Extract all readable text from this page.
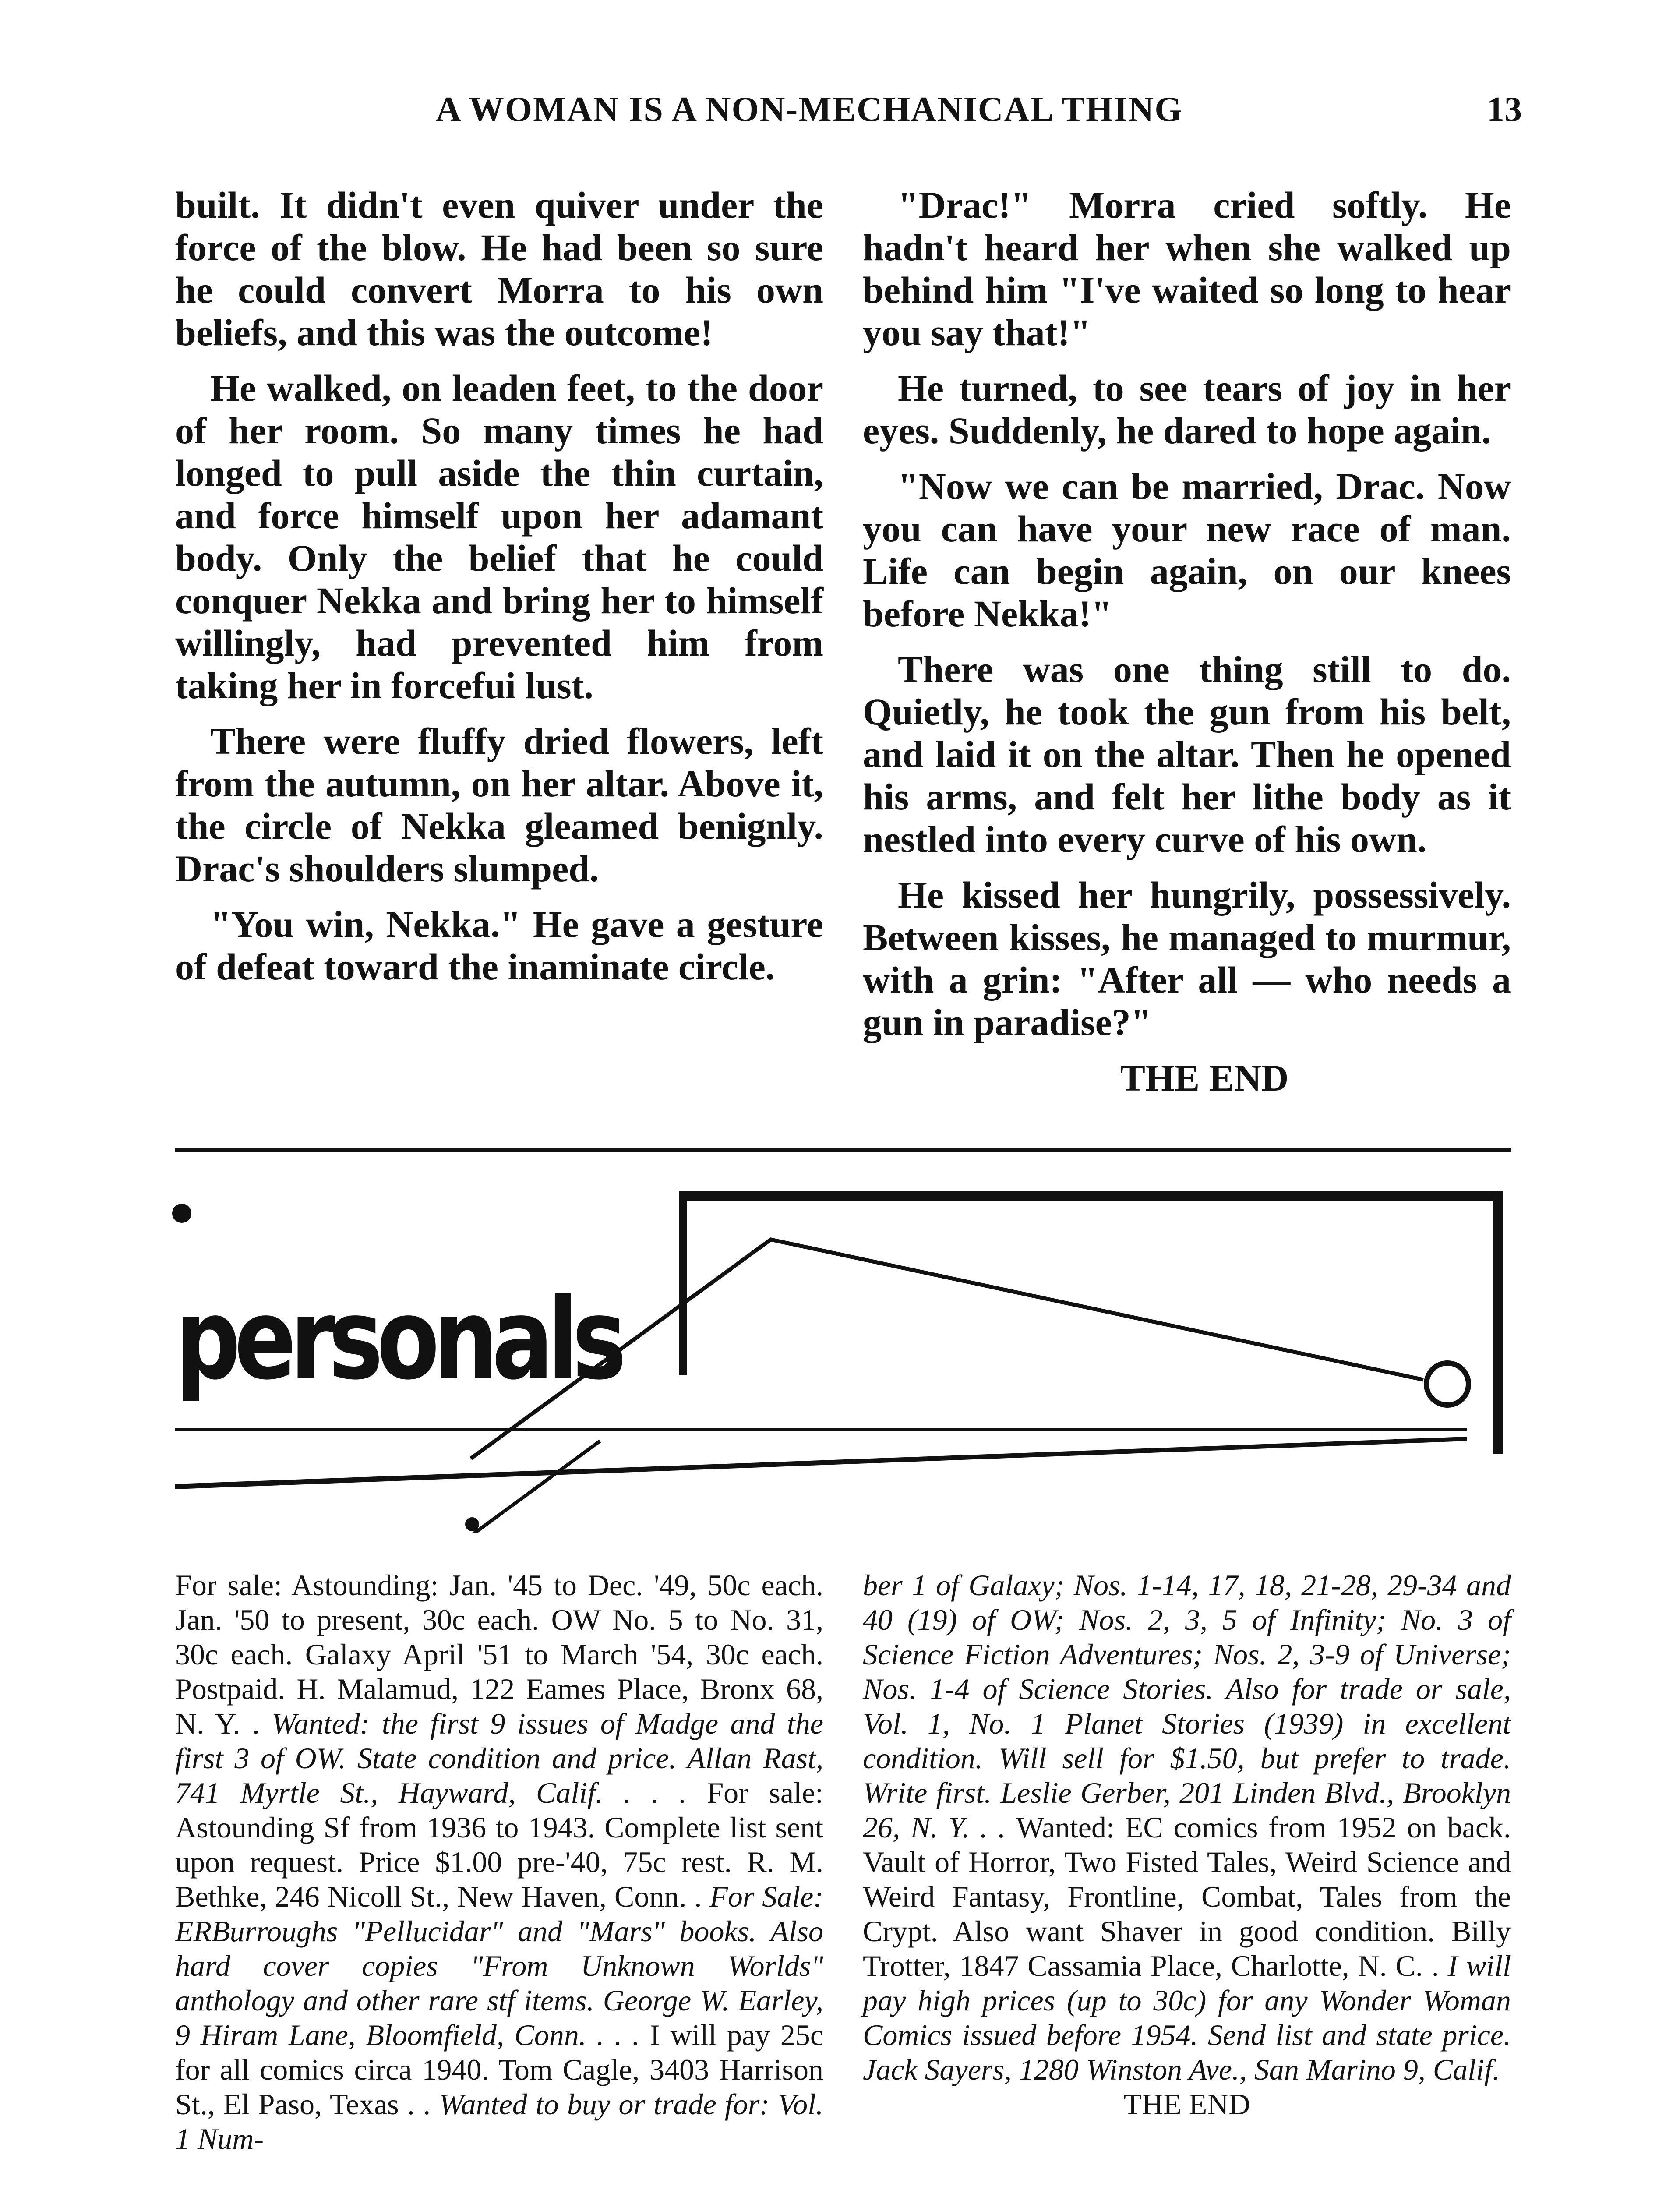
A WOMAN IS A NON-MECHANICAL THING	13

built. It didn't even quiver under the force of the blow. He had been so sure he could convert Morra to his own beliefs, and this was the outcome!

He walked, on leaden feet, to the door of her room. So many times he had longed to pull aside the thin curtain, and force himself upon her adamant body. Only the belief that he could conquer Nekka and bring her to himself willingly, had prevented him from taking her in forcefui lust.

There were fluffy dried flowers, left from the autumn, on her altar. Above it, the circle of Nekka gleamed benignly. Drac's shoulders slumped.

"You win, Nekka." He gave a gesture of defeat toward the inaminate circle.

"Drac!" Morra cried softly. He hadn't heard her when she walked up behind him "I've waited so long to hear you say that!"

He turned, to see tears of joy in her eyes. Suddenly, he dared to hope again.

"Now we can be married, Drac. Now you can have your new race of man. Life can begin again, on our knees before Nekka!"

There was one thing still to do. Quietly, he took the gun from his belt, and laid it on the altar. Then he opened his arms, and felt her lithe body as it nestled into every curve of his own.

He kissed her hungrily, possessively. Between kisses, he managed to murmur, with a grin: "After all — who needs a gun in paradise?"

THE END

personals

For sale: Astounding: Jan. '45 to Dec. '49, 50c each. Jan. '50 to present, 30c each. OW No. 5 to No. 31, 30c each. Galaxy April '51 to March '54, 30c each. Postpaid. H. Malamud, 122 Eames Place, Bronx 68, N. Y. . Wanted: the first 9 issues of Madge and the first 3 of OW. State condition and price. Allan Rast, 741 Myrtle St., Hayward, Calif. . . . For sale: Astounding Sf from 1936 to 1943. Complete list sent upon request. Price $1.00 pre-'40, 75c rest. R. M. Bethke, 246 Nicoll St., New Haven, Conn. . For Sale: ERBurroughs "Pellucidar" and "Mars" books. Also hard cover copies "From Unknown Worlds" anthology and other rare stf items. George W. Earley, 9 Hiram Lane, Bloomfield, Conn. . . . I will pay 25c for all comics circa 1940. Tom Cagle, 3403 Harrison St., El Paso, Texas . . Wanted to buy or trade for: Vol. 1 Num-

ber 1 of Galaxy; Nos. 1-14, 17, 18, 21-28, 29-34 and 40 (19) of OW; Nos. 2, 3, 5 of Infinity; No. 3 of Science Fiction Adventures; Nos. 2, 3-9 of Universe; Nos. 1-4 of Science Stories. Also for trade or sale, Vol. 1, No. 1 Planet Stories (1939) in excellent condition. Will sell for $1.50, but prefer to trade. Write first. Leslie Gerber, 201 Linden Blvd., Brooklyn 26, N. Y. . . Wanted: EC comics from 1952 on back. Vault of Horror, Two Fisted Tales, Weird Science and Weird Fantasy, Frontline, Combat, Tales from the Crypt. Also want Shaver in good condition. Billy Trotter, 1847 Cassamia Place, Charlotte, N. C. . I will pay high prices (up to 30c) for any Wonder Woman Comics issued before 1954. Send list and state price. Jack Sayers, 1280 Winston Ave., San Marino 9, Calif.

THE END
